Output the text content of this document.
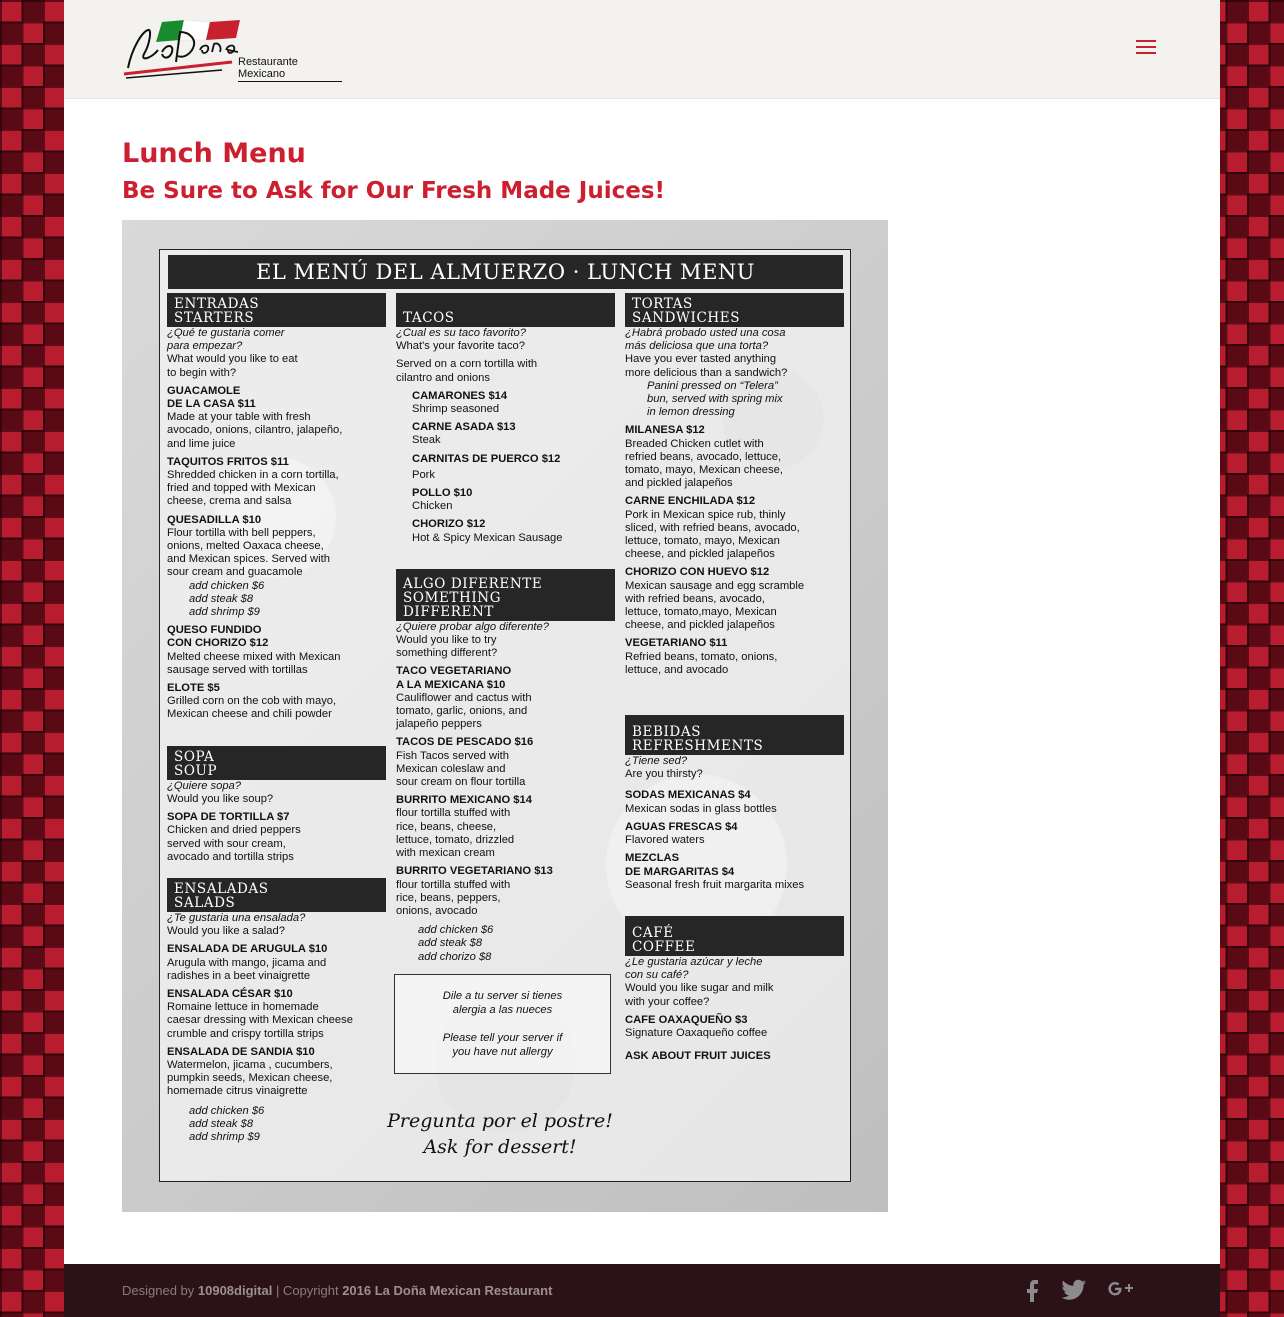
Restaurante Mexicano
Lunch Menu
Be Sure to Ask for Our Fresh Made Juices!
EL MENÚ DEL ALMUERZO · LUNCH MENU
ENTRADAS
STARTERS
¿Qué te gustaria comer
para empezar?
What would you like to eat
to begin with?
GUACAMOLE
DE LA CASA $11
Made at your table with fresh
avocado, onions, cilantro, jalapeño,
and lime juice
TAQUITOS FRITOS $11
Shredded chicken in a corn tortilla,
fried and topped with Mexican
cheese, crema and salsa
QUESADILLA $10
Flour tortilla with bell peppers,
onions, melted Oaxaca cheese,
and Mexican spices. Served with
sour cream and guacamole
add chicken $6
add steak $8
add shrimp $9
QUESO FUNDIDO
CON CHORIZO $12
Melted cheese mixed with Mexican
sausage served with tortillas
ELOTE $5
Grilled corn on the cob with mayo,
Mexican cheese and chili powder
SOPA
SOUP
¿Quiere sopa?
Would you like soup?
SOPA DE TORTILLA $7
Chicken and dried peppers
served with sour cream,
avocado and tortilla strips
ENSALADAS
SALADS
¿Te gustaria una ensalada?
Would you like a salad?
ENSALADA DE ARUGULA $10
Arugula with mango, jicama and
radishes in a beet vinaigrette
ENSALADA CÉSAR $10
Romaine lettuce in homemade
caesar dressing with Mexican cheese
crumble and crispy tortilla strips
ENSALADA DE SANDIA $10
Watermelon, jicama , cucumbers,
pumpkin seeds, Mexican cheese,
homemade citrus vinaigrette
add chicken $6
add steak $8
add shrimp $9
TACOS
¿Cual es su taco favorito?
What's your favorite taco?
Served on a corn tortilla with
cilantro and onions
CAMARONES $14
Shrimp seasoned
CARNE ASADA $13
Steak
CARNITAS DE PUERCO $12
Pork
POLLO $10
Chicken
CHORIZO $12
Hot & Spicy Mexican Sausage
ALGO DIFERENTE
SOMETHING
DIFFERENT
¿Quiere probar algo diferente?
Would you like to try
something different?
TACO VEGETARIANO
A LA MEXICANA $10
Cauliflower and cactus with
tomato, garlic, onions, and
jalapeño peppers
TACOS DE PESCADO $16
Fish Tacos served with
Mexican coleslaw and
sour cream on flour tortilla
BURRITO MEXICANO $14
flour tortilla stuffed with
rice, beans, cheese,
lettuce, tomato, drizzled
with mexican cream
BURRITO VEGETARIANO $13
flour tortilla stuffed with
rice, beans, peppers,
onions, avocado
add chicken $6
add steak $8
add chorizo $8
Dile a tu server si tienes
alergia a las nueces
Please tell your server if
you have nut allergy
TORTAS
SANDWICHES
¿Habrá probado usted una cosa
más deliciosa que una torta?
Have you ever tasted anything
more delicious than a sandwich?
Panini pressed on “Telera”
bun, served with spring mix
in lemon dressing
MILANESA $12
Breaded Chicken cutlet with
refried beans, avocado, lettuce,
tomato, mayo, Mexican cheese,
and pickled jalapeños
CARNE ENCHILADA $12
Pork in Mexican spice rub, thinly
sliced, with refried beans, avocado,
lettuce, tomato, mayo, Mexican
cheese, and pickled jalapeños
CHORIZO CON HUEVO $12
Mexican sausage and egg scramble
with refried beans, avocado,
lettuce, tomato,mayo, Mexican
cheese, and pickled jalapeños
VEGETARIANO $11
Refried beans, tomato, onions,
lettuce, and avocado
BEBIDAS
REFRESHMENTS
¿Tiene sed?
Are you thirsty?
SODAS MEXICANAS $4
Mexican sodas in glass bottles
AGUAS FRESCAS $4
Flavored waters
MEZCLAS
DE MARGARITAS $4
Seasonal fresh fruit margarita mixes
CAFÉ
COFFEE
¿Le gustaria azúcar y leche
con su café?
Would you like sugar and milk
with your coffee?
CAFE OAXAQUEÑO $3
Signature Oaxaqueño coffee
ASK ABOUT FRUIT JUICES
Pregunta por el postre!
Ask for dessert!
Designed by 10908digital | Copyright 2016 La Doña Mexican Restaurant
